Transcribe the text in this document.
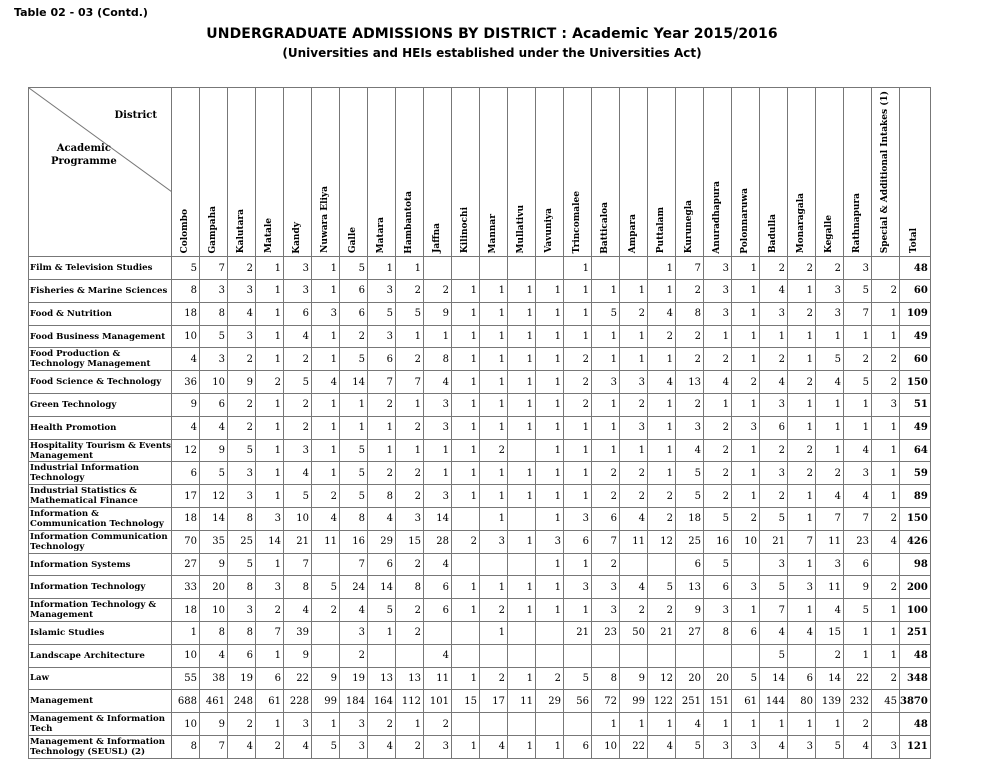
Table 02 - 03 (Contd.)
UNDERGRADUATE ADMISSIONS BY DISTRICT : Academic Year 2015/2016
(Universities and HEIs established under the Universities Act)
District
Academic
Programme	Colombo	Gampaha	Kalutara	Matale	Kandy	Nuwara Eliya	Galle	Matara	Hambantota	Jaffna	Kilinochi	Mannar	Mullativu	Vavuniya	Trincomalee	Batticaloa	Ampara	Puttalam	Kurunegla	Anuradhapura	Polonnaruwa	Badulla	Monaragala	Kegalle	Rathnapura	Special & Additional Intakes (1)	Total

Film & Television Studies	5	7	2	1	3	1	5	1	1						1			1	7	3	1	2	2	2	3		48
Fisheries & Marine Sciences	8	3	3	1	3	1	6	3	2	2	1	1	1	1	1	1	1	1	2	3	1	4	1	3	5	2	60
Food & Nutrition	18	8	4	1	6	3	6	5	5	9	1	1	1	1	1	5	2	4	8	3	1	3	2	3	7	1	109
Food Business Management	10	5	3	1	4	1	2	3	1	1	1	1	1	1	1	1	1	2	2	1	1	1	1	1	1	1	49
Food Production & Technology Management	4	3	2	1	2	1	5	6	2	8	1	1	1	1	2	1	1	1	2	2	1	2	1	5	2	2	60
Food Science & Technology	36	10	9	2	5	4	14	7	7	4	1	1	1	1	2	3	3	4	13	4	2	4	2	4	5	2	150
Green Technology	9	6	2	1	2	1	1	2	1	3	1	1	1	1	2	1	2	1	2	1	1	3	1	1	1	3	51
Health Promotion	4	4	2	1	2	1	1	1	2	3	1	1	1	1	1	1	3	1	3	2	3	6	1	1	1	1	49
Hospitality Tourism & Events Management	12	9	5	1	3	1	5	1	1	1	1	2		1	1	1	1	1	4	2	1	2	2	1	4	1	64
Industrial Information Technology	6	5	3	1	4	1	5	2	2	1	1	1	1	1	1	2	2	1	5	2	1	3	2	2	3	1	59
Industrial Statistics & Mathematical Finance	17	12	3	1	5	2	5	8	2	3	1	1	1	1	1	2	2	2	5	2	1	2	1	4	4	1	89
Information & Communication Technology	18	14	8	3	10	4	8	4	3	14		1		1	3	6	4	2	18	5	2	5	1	7	7	2	150
Information Communication Technology	70	35	25	14	21	11	16	29	15	28	2	3	1	3	6	7	11	12	25	16	10	21	7	11	23	4	426
Information Systems	27	9	5	1	7		7	6	2	4				1	1	2			6	5		3	1	3	6		98
Information Technology	33	20	8	3	8	5	24	14	8	6	1	1	1	1	3	3	4	5	13	6	3	5	3	11	9	2	200
Information Technology & Management	18	10	3	2	4	2	4	5	2	6	1	2	1	1	1	3	2	2	9	3	1	7	1	4	5	1	100
Islamic Studies	1	8	8	7	39		3	1	2			1			21	23	50	21	27	8	6	4	4	15	1	1	251
Landscape Architecture	10	4	6	1	9		2			4												5		2	1	1	48
Law	55	38	19	6	22	9	19	13	13	11	1	2	1	2	5	8	9	12	20	20	5	14	6	14	22	2	348
Management	688	461	248	61	228	99	184	164	112	101	15	17	11	29	56	72	99	122	251	151	61	144	80	139	232	45	3870
Management & Information Tech	10	9	2	1	3	1	3	2	1	2						1	1	1	4	1	1	1	1	1	2		48
Management & Information Technology (SEUSL) (2)	8	7	4	2	4	5	3	4	2	3	1	4	1	1	6	10	22	4	5	3	3	4	3	5	4	3	121
